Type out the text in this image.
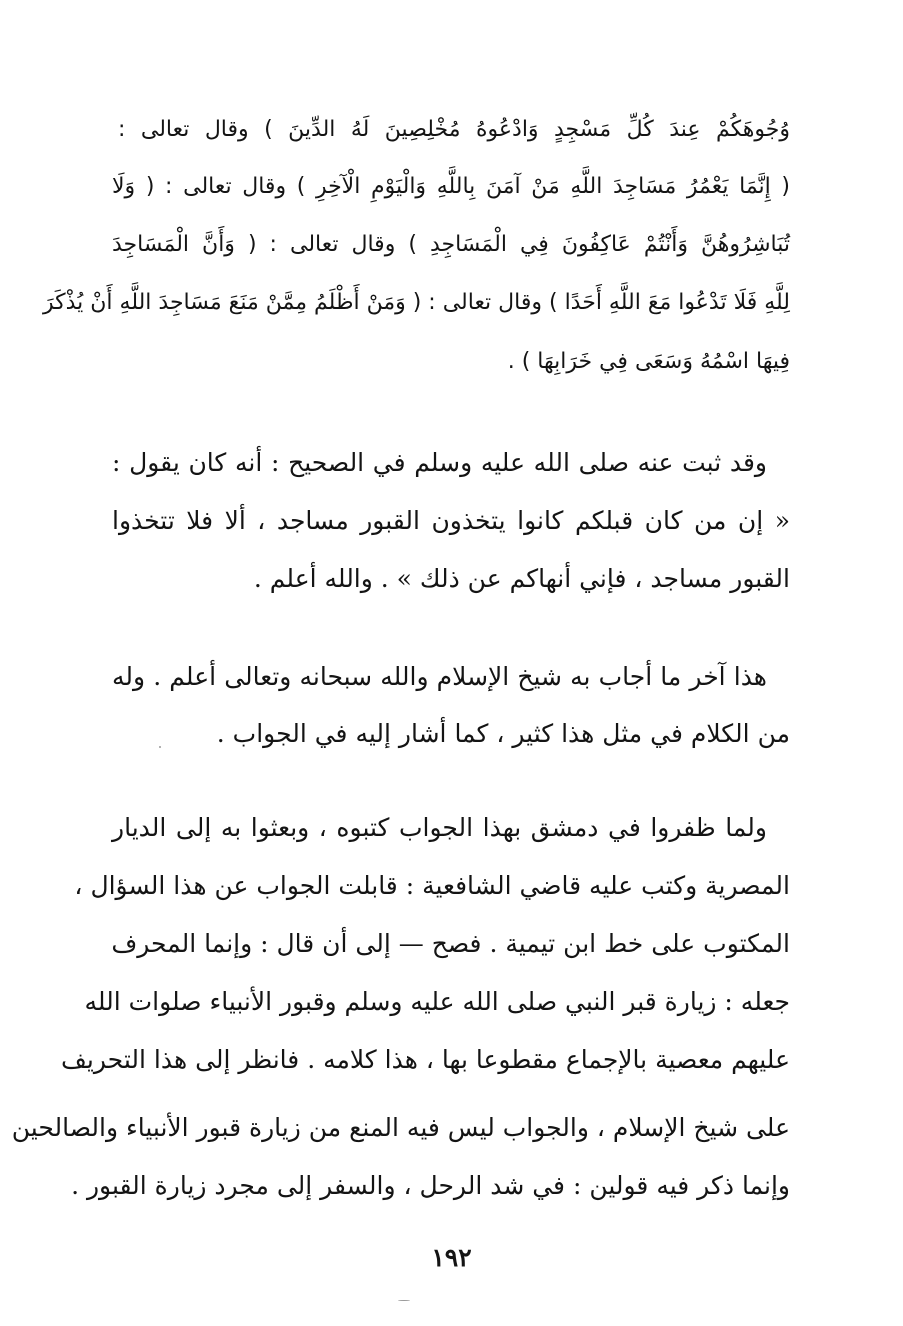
وُجُوهَكُمْ عِندَ كُلِّ مَسْجِدٍ وَادْعُوهُ مُخْلِصِينَ لَهُ الدِّينَ ) وقال تعالى :
( إِنَّمَا يَعْمُرُ مَسَاجِدَ اللَّهِ مَنْ آمَنَ بِاللَّهِ وَالْيَوْمِ الْآخِرِ ) وقال تعالى : ( وَلَا
تُبَاشِرُوهُنَّ وَأَنْتُمْ عَاكِفُونَ فِي الْمَسَاجِدِ ) وقال تعالى : ( وَأَنَّ الْمَسَاجِدَ
لِلَّهِ فَلَا تَدْعُوا مَعَ اللَّهِ أَحَدًا ) وقال تعالى : ( وَمَنْ أَظْلَمُ مِمَّنْ مَنَعَ مَسَاجِدَ اللَّهِ أَنْ يُذْكَرَ
فِيهَا اسْمُهُ وَسَعَى فِي خَرَابِهَا ) .
وقد ثبت عنه صلى الله عليه وسلم في الصحيح : أنه كان يقول :
« إن من كان قبلكم كانوا يتخذون القبور مساجد ، ألا فلا تتخذوا
القبور مساجد ، فإني أنهاكم عن ذلك » . والله أعلم .
هذا آخر ما أجاب به شيخ الإسلام والله سبحانه وتعالى أعلم . وله
من الكلام في مثل هذا كثير ، كما أشار إليه في الجواب .
ولما ظفروا في دمشق بهذا الجواب كتبوه ، وبعثوا به إلى الديار
المصرية وكتب عليه قاضي الشافعية : قابلت الجواب عن هذا السؤال ،
المكتوب على خط ابن تيمية . فصح — إلى أن قال : وإنما المحرف
جعله : زيارة قبر النبي صلى الله عليه وسلم وقبور الأنبياء صلوات الله
عليهم معصية بالإجماع مقطوعا بها ، هذا كلامه . فانظر إلى هذا التحريف
على شيخ الإسلام ، والجواب ليس فيه المنع من زيارة قبور الأنبياء والصالحين
وإنما ذكر فيه قولين : في شد الرحل ، والسفر إلى مجرد زيارة القبور .
١٩٢
